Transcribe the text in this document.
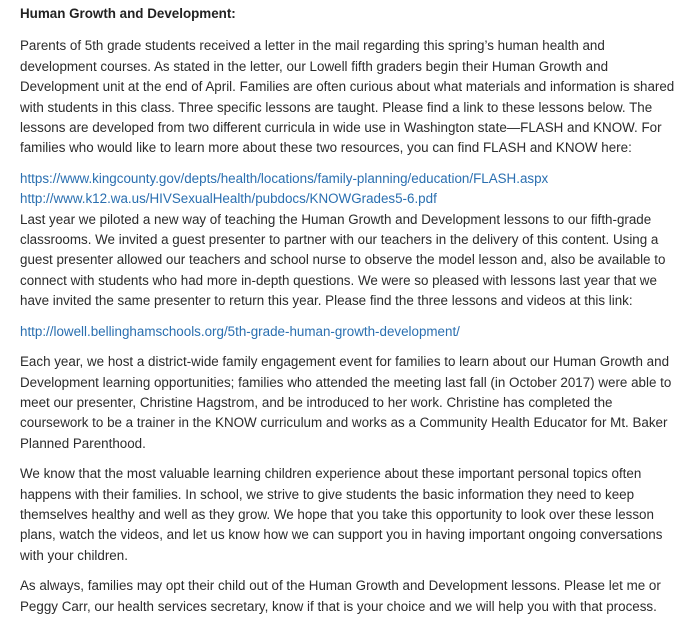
Human Growth and Development:

Parents of 5th grade students received a letter in the mail regarding this spring’s human health and development courses. As stated in the letter, our Lowell fifth graders begin their Human Growth and Development unit at the end of April. Families are often curious about what materials and information is shared with students in this class. Three specific lessons are taught. Please find a link to these lessons below. The lessons are developed from two different curricula in wide use in Washington state—FLASH and KNOW. For families who would like to learn more about these two resources, you can find FLASH and KNOW here:

https://www.kingcounty.gov/depts/health/locations/family-planning/education/FLASH.aspx
http://www.k12.wa.us/HIVSexualHealth/pubdocs/KNOWGrades5-6.pdf

Last year we piloted a new way of teaching the Human Growth and Development lessons to our fifth-grade classrooms. We invited a guest presenter to partner with our teachers in the delivery of this content. Using a guest presenter allowed our teachers and school nurse to observe the model lesson and, also be available to connect with students who had more in-depth questions. We were so pleased with lessons last year that we have invited the same presenter to return this year. Please find the three lessons and videos at this link:

http://lowell.bellinghamschools.org/5th-grade-human-growth-development/

Each year, we host a district-wide family engagement event for families to learn about our Human Growth and Development learning opportunities; families who attended the meeting last fall (in October 2017) were able to meet our presenter, Christine Hagstrom, and be introduced to her work. Christine has completed the coursework to be a trainer in the KNOW curriculum and works as a Community Health Educator for Mt. Baker Planned Parenthood.

We know that the most valuable learning children experience about these important personal topics often happens with their families. In school, we strive to give students the basic information they need to keep themselves healthy and well as they grow. We hope that you take this opportunity to look over these lesson plans, watch the videos, and let us know how we can support you in having important ongoing conversations with your children.

As always, families may opt their child out of the Human Growth and Development lessons. Please let me or Peggy Carr, our health services secretary, know if that is your choice and we will help you with that process.
